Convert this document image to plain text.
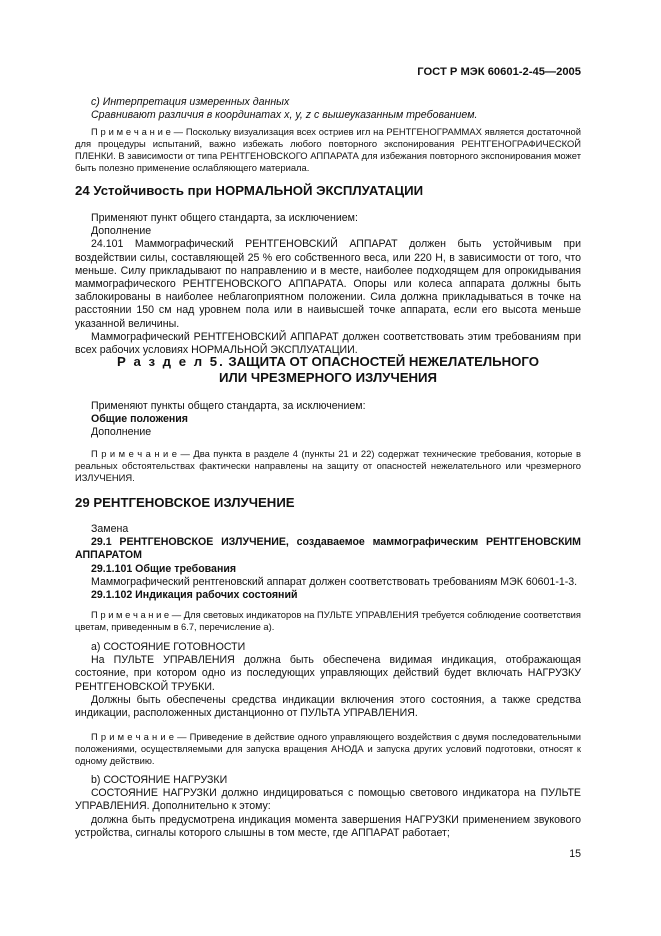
ГОСТ Р МЭК 60601-2-45—2005

c) Интерпретация измеренных данных

Сравнивают различия в координатах x, y, z с вышеуказанным требованием.

П р и м е ч а н и е — Поскольку визуализация всех остриев игл на РЕНТГЕНОГРАММАХ является достаточной для процедуры испытаний, важно избежать любого повторного экспонирования РЕНТГЕНОГРАФИЧЕСКОЙ ПЛЕНКИ. В зависимости от типа РЕНТГЕНОВСКОГО АППАРАТА для избежания повторного экспонирования может быть полезно применение ослабляющего материала.

24 Устойчивость при НОРМАЛЬНОЙ ЭКСПЛУАТАЦИИ

Применяют пункт общего стандарта, за исключением:

Дополнение

24.101 Маммографический РЕНТГЕНОВСКИЙ АППАРАТ должен быть устойчивым при воздействии силы, составляющей 25 % его собственного веса, или 220 Н, в зависимости от того, что меньше. Силу прикладывают по направлению и в месте, наиболее подходящем для опрокидывания маммографического РЕНТГЕНОВСКОГО АППАРАТА. Опоры или колеса аппарата должны быть заблокированы в наиболее неблагоприятном положении. Сила должна прикладываться в точке на расстоянии 150 см над уровнем пола или в наивысшей точке аппарата, если его высота меньше указанной величины.

Маммографический РЕНТГЕНОВСКИЙ АППАРАТ должен соответствовать этим требованиям при всех рабочих условиях НОРМАЛЬНОЙ ЭКСПЛУАТАЦИИ.

Р а з д е л 5. ЗАЩИТА ОТ ОПАСНОСТЕЙ НЕЖЕЛАТЕЛЬНОГО
ИЛИ ЧРЕЗМЕРНОГО ИЗЛУЧЕНИЯ

Применяют пункты общего стандарта, за исключением:

Общие положения

Дополнение

П р и м е ч а н и е — Два пункта в разделе 4 (пункты 21 и 22) содержат технические требования, которые в реальных обстоятельствах фактически направлены на защиту от опасностей нежелательного или чрезмерного ИЗЛУЧЕНИЯ.

29 РЕНТГЕНОВСКОЕ ИЗЛУЧЕНИЕ

Замена

29.1 РЕНТГЕНОВСКОЕ ИЗЛУЧЕНИЕ, создаваемое маммографическим РЕНТГЕНОВСКИМ АППАРАТОМ

29.1.101 Общие требования

Маммографический рентгеновский аппарат должен соответствовать требованиям МЭК 60601-1-3.

29.1.102 Индикация рабочих состояний

П р и м е ч а н и е — Для световых индикаторов на ПУЛЬТЕ УПРАВЛЕНИЯ требуется соблюдение соответствия цветам, приведенным в 6.7, перечисление a).

a) СОСТОЯНИЕ ГОТОВНОСТИ

На ПУЛЬТЕ УПРАВЛЕНИЯ должна быть обеспечена видимая индикация, отображающая состояние, при котором одно из последующих управляющих действий будет включать НАГРУЗКУ РЕНТГЕНОВСКОЙ ТРУБКИ.

Должны быть обеспечены средства индикации включения этого состояния, а также средства индикации, расположенных дистанционно от ПУЛЬТА УПРАВЛЕНИЯ.

П р и м е ч а н и е — Приведение в действие одного управляющего воздействия с двумя последовательными положениями, осуществляемыми для запуска вращения АНОДА и запуска других условий подготовки, относят к одному действию.

b) СОСТОЯНИЕ НАГРУЗКИ

СОСТОЯНИЕ НАГРУЗКИ должно индицироваться с помощью светового индикатора на ПУЛЬТЕ УПРАВЛЕНИЯ. Дополнительно к этому:

должна быть предусмотрена индикация момента завершения НАГРУЗКИ применением звукового устройства, сигналы которого слышны в том месте, где АППАРАТ работает;

15
